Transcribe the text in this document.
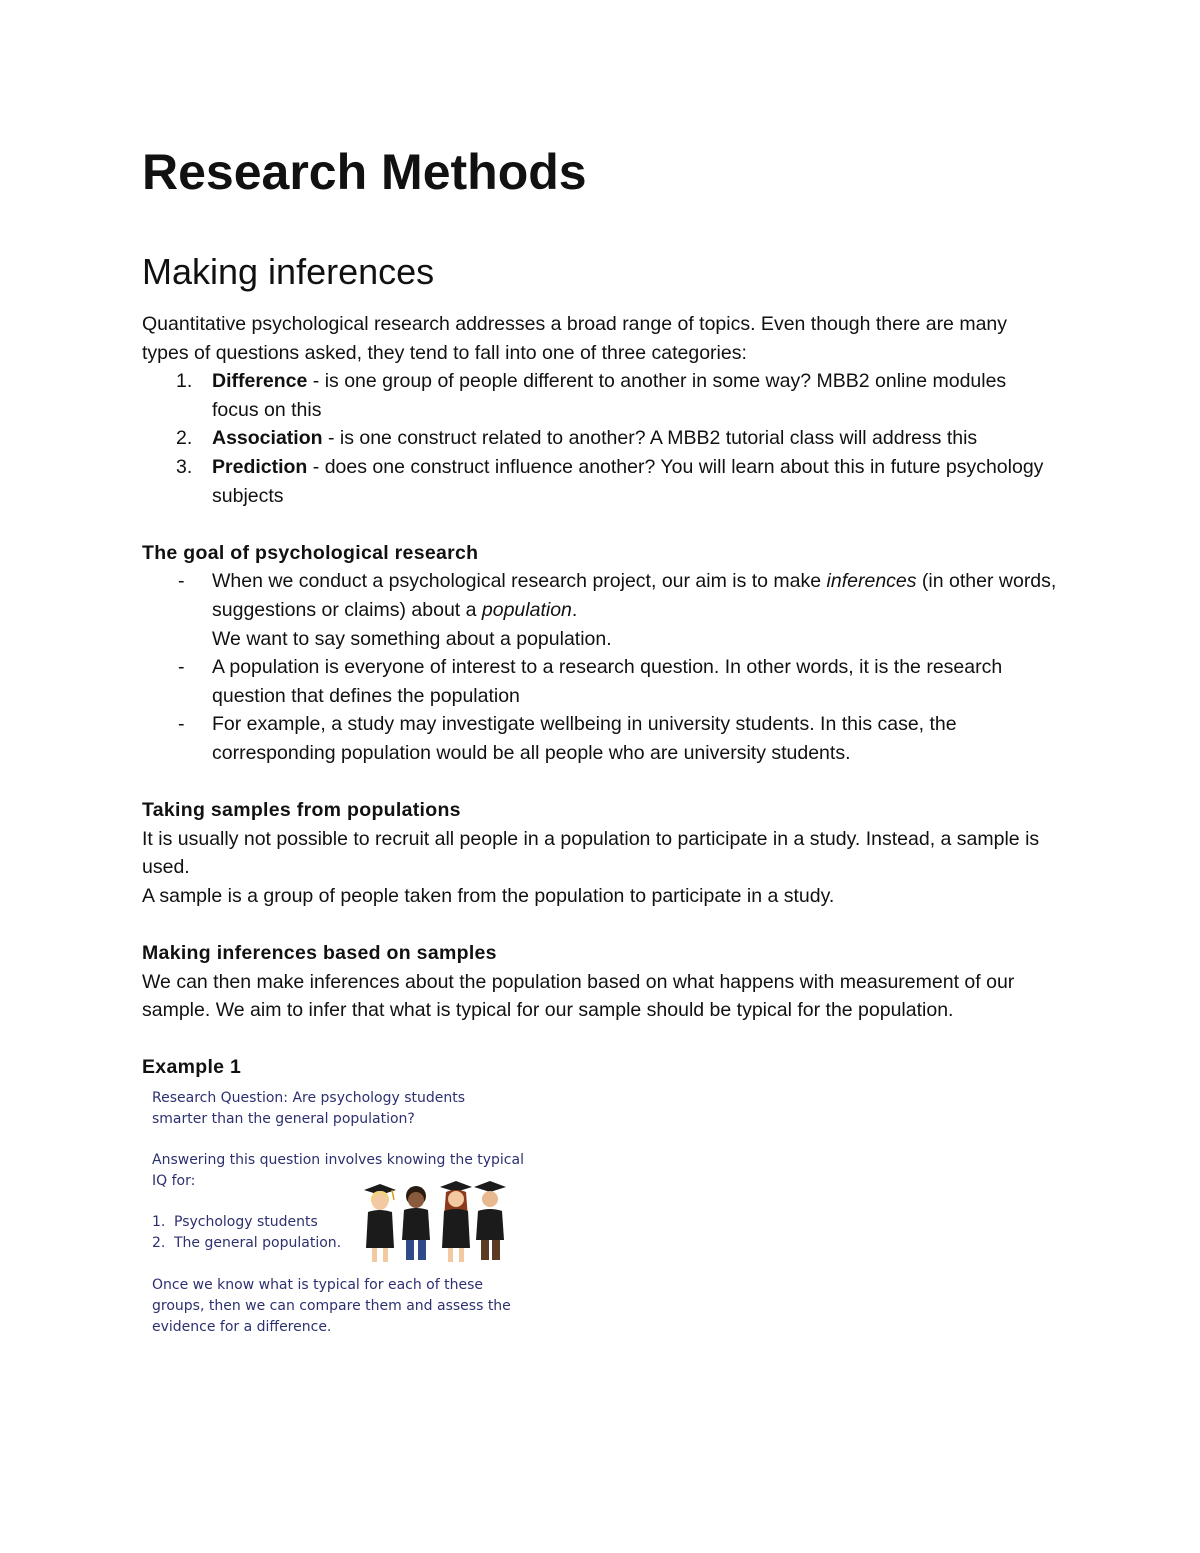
Research Methods
Making inferences

Quantitative psychological research addresses a broad range of topics. Even though there are many types of questions asked, they tend to fall into one of three categories:

1. Difference - is one group of people different to another in some way? MBB2 online modules focus on this
2. Association - is one construct related to another? A MBB2 tutorial class will address this
3. Prediction - does one construct influence another? You will learn about this in future psychology subjects

The goal of psychological research

- When we conduct a psychological research project, our aim is to make inferences (in other words, suggestions or claims) about a population.
We want to say something about a population.
- A population is everyone of interest to a research question. In other words, it is the research question that defines the population
- For example, a study may investigate wellbeing in university students. In this case, the corresponding population would be all people who are university students.

Taking samples from populations

It is usually not possible to recruit all people in a population to participate in a study. Instead, a sample is used.

A sample is a group of people taken from the population to participate in a study.

Making inferences based on samples

We can then make inferences about the population based on what happens with measurement of our sample. We aim to infer that what is typical for our sample should be typical for the population.

Example 1

Research Question: Are psychology students smarter than the general population?
Answering this question involves knowing the typical IQ for:
1. Psychology students
2. The general population.
Once we know what is typical for each of these groups, then we can compare them and assess the evidence for a difference.
